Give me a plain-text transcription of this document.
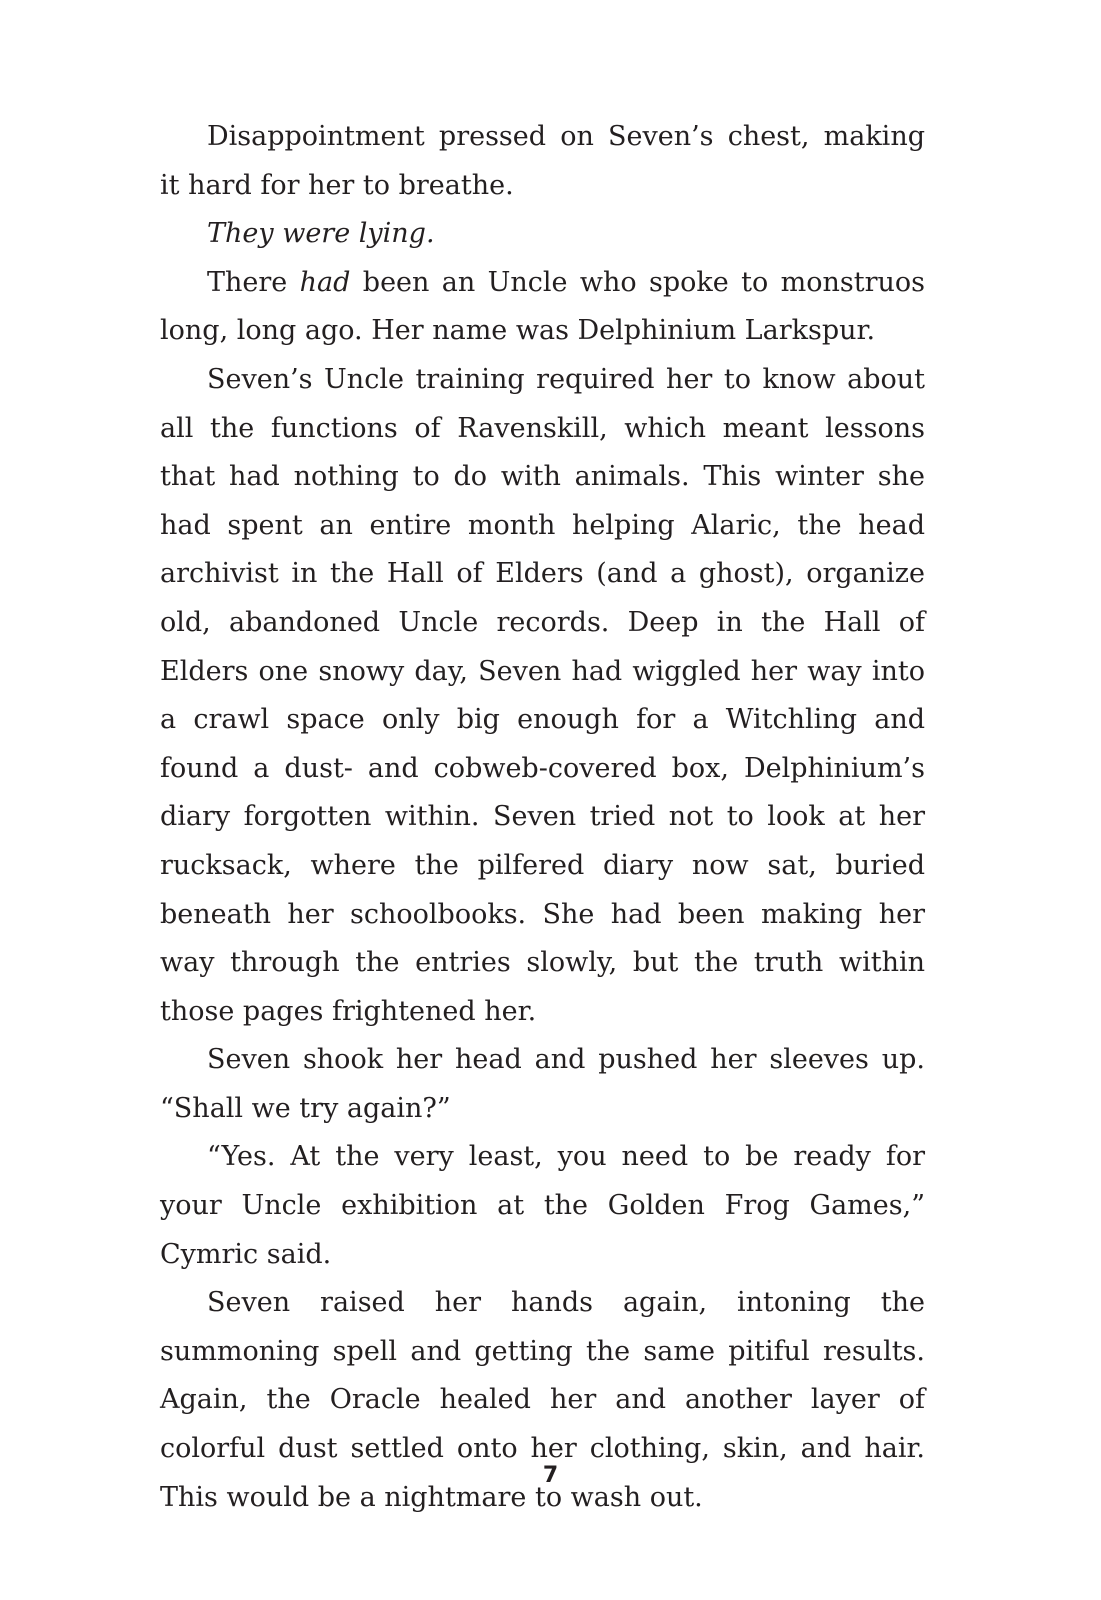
Disappointment pressed on Seven’s chest, making it hard for her to breathe.

They were lying.

There had been an Uncle who spoke to monstruos long, long ago. Her name was Delphinium Larkspur.

Seven’s Uncle training required her to know about all the functions of Ravenskill, which meant lessons that had nothing to do with animals. This winter she had spent an entire month helping Alaric, the head archivist in the Hall of Elders (and a ghost), organize old, abandoned Uncle records. Deep in the Hall of Elders one snowy day, Seven had wiggled her way into a crawl space only big enough for a Witchling and found a dust- and cobweb-covered box, Delphinium’s diary forgotten within. Seven tried not to look at her rucksack, where the pilfered diary now sat, buried beneath her schoolbooks. She had been making her way through the entries slowly, but the truth within those pages frightened her.

Seven shook her head and pushed her sleeves up. “Shall we try again?”

“Yes. At the very least, you need to be ready for your Uncle exhibition at the Golden Frog Games,” Cymric said.

Seven raised her hands again, intoning the summoning spell and getting the same pitiful results. Again, the Oracle healed her and another layer of colorful dust settled onto her clothing, skin, and hair. This would be a nightmare to wash out.

7
